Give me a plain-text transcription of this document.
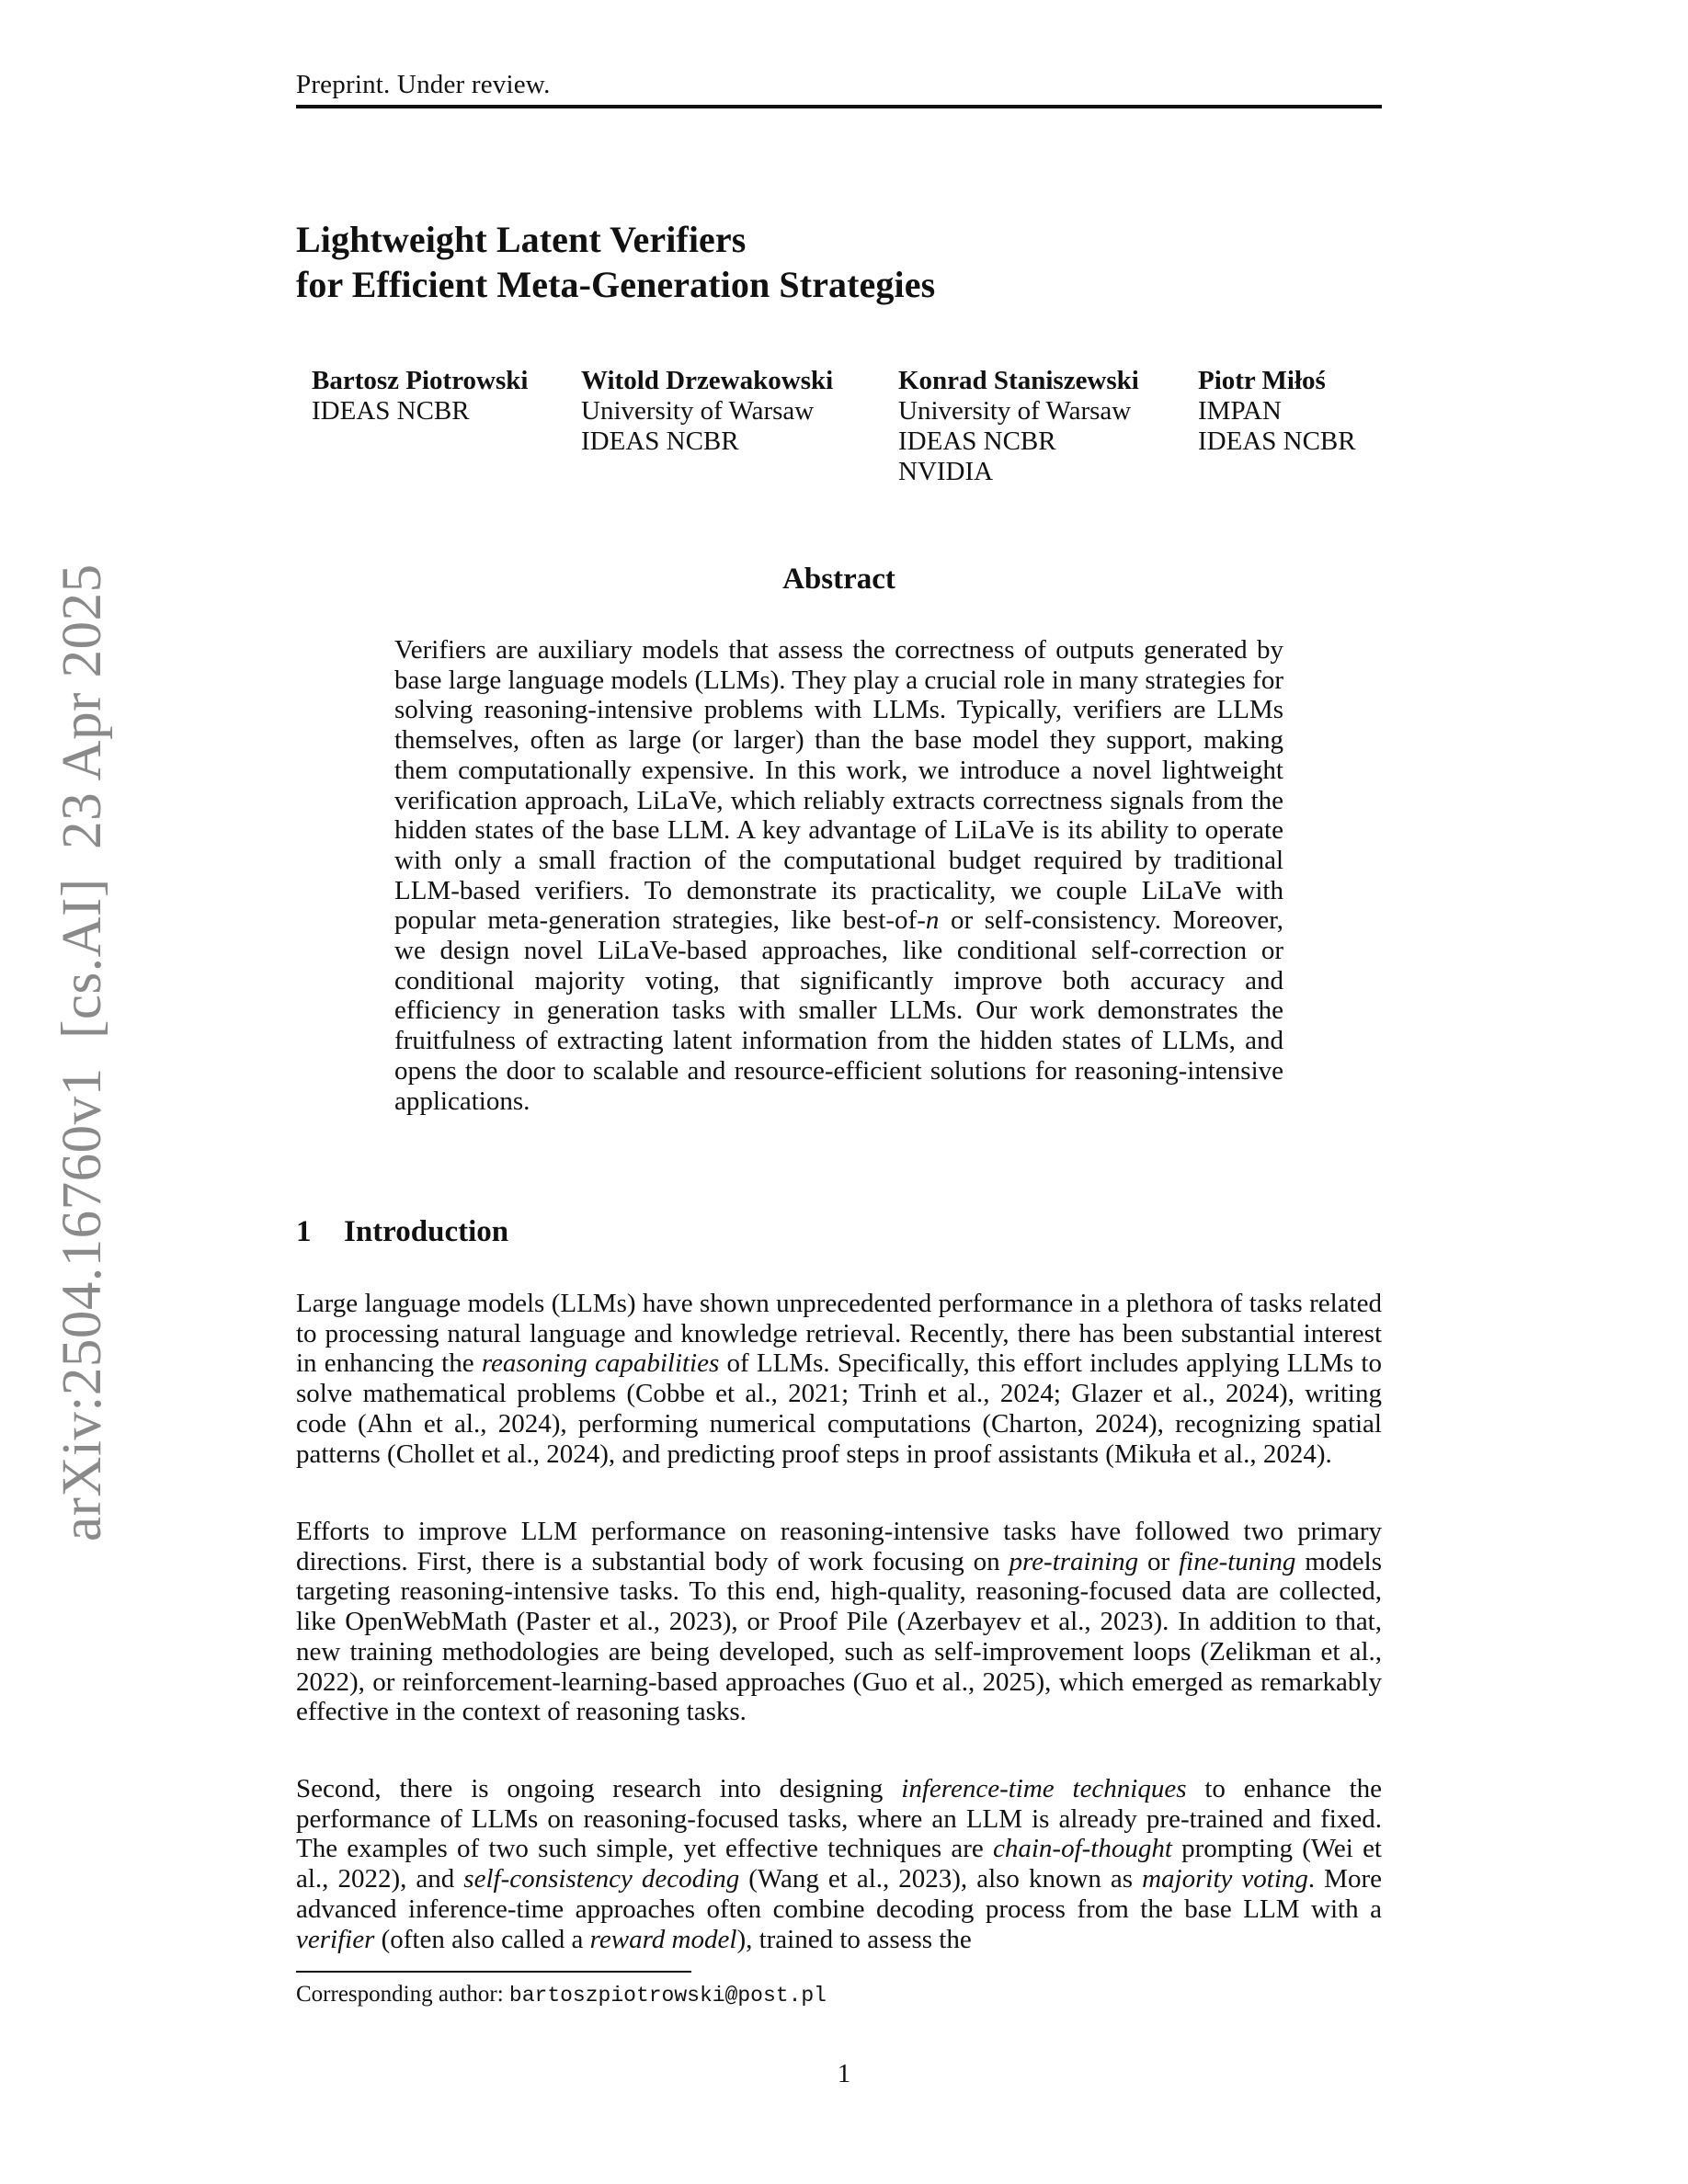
Preprint. Under review.
Lightweight Latent Verifiers
for Efficient Meta-Generation Strategies
Bartosz Piotrowski
IDEAS NCBR
Witold Drzewakowski
University of Warsaw
IDEAS NCBR
Konrad Staniszewski
University of Warsaw
IDEAS NCBR
NVIDIA
Piotr Miłoś
IMPAN
IDEAS NCBR
arXiv:2504.16760v1  [cs.AI]  23 Apr 2025	Abstract

Verifiers are auxiliary models that assess the correctness of outputs generated by base large language models (LLMs). They play a crucial role in many strategies for solving reasoning-intensive problems with LLMs. Typically, verifiers are LLMs themselves, often as large (or larger) than the base model they support, making them computationally expensive. In this work, we introduce a novel lightweight verification approach, LiLaVe, which reliably extracts correctness signals from the hidden states of the base LLM. A key advantage of LiLaVe is its ability to operate with only a small fraction of the computational budget required by traditional LLM-based verifiers. To demonstrate its practicality, we couple LiLaVe with popular meta-generation strategies, like best-of-n or self-consistency. Moreover, we design novel LiLaVe-based approaches, like conditional self-correction or conditional majority voting, that significantly improve both accuracy and efficiency in generation tasks with smaller LLMs. Our work demonstrates the fruitfulness of extracting latent information from the hidden states of LLMs, and opens the door to scalable and resource-efficient solutions for reasoning-intensive applications.

1 Introduction

Large language models (LLMs) have shown unprecedented performance in a plethora of tasks related to processing natural language and knowledge retrieval. Recently, there has been substantial interest in enhancing the reasoning capabilities of LLMs. Specifically, this effort includes applying LLMs to solve mathematical problems (Cobbe et al., 2021; Trinh et al., 2024; Glazer et al., 2024), writing code (Ahn et al., 2024), performing numerical computations (Charton, 2024), recognizing spatial patterns (Chollet et al., 2024), and predicting proof steps in proof assistants (Mikuła et al., 2024).

Efforts to improve LLM performance on reasoning-intensive tasks have followed two primary directions. First, there is a substantial body of work focusing on pre-training or fine-tuning models targeting reasoning-intensive tasks. To this end, high-quality, reasoning-focused data are collected, like OpenWebMath (Paster et al., 2023), or Proof Pile (Azerbayev et al., 2023). In addition to that, new training methodologies are being developed, such as self-improvement loops (Zelikman et al., 2022), or reinforcement-learning-based approaches (Guo et al., 2025), which emerged as remarkably effective in the context of reasoning tasks.

Second, there is ongoing research into designing inference-time techniques to enhance the performance of LLMs on reasoning-focused tasks, where an LLM is already pre-trained and fixed. The examples of two such simple, yet effective techniques are chain-of-thought prompting (Wei et al., 2022), and self-consistency decoding (Wang et al., 2023), also known as majority voting. More advanced inference-time approaches often combine decoding process from the base LLM with a verifier (often also called a reward model), trained to assess the

Corresponding author: bartoszpiotrowski@post.pl
1
